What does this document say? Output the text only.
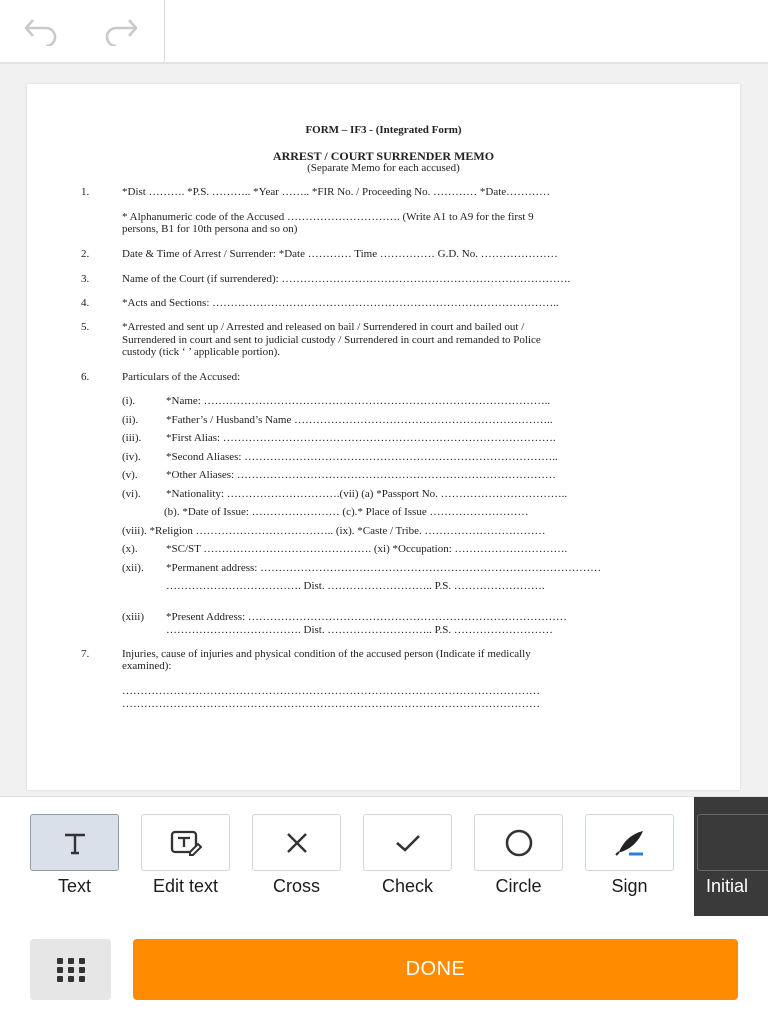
FORM – IF3 - (Integrated Form)
ARREST / COURT SURRENDER MEMO
(Separate Memo for each accused)
1.	*Dist ………. *P.S. ……….. *Year …….. *FIR No. / Proceeding No. ………… *Date…………
* Alphanumeric code of the Accused …………………………. (Write A1 to A9 for the first 9
persons, B1 for 10th persona and so on)
2.	Date & Time of Arrest / Surrender: *Date ………… Time …………… G.D. No. …………………
3.	Name of the Court (if surrendered): …………………………………………………………………….
4.	*Acts and Sections: …………………………………………………………………………………..
5.	*Arrested and sent up / Arrested and released on bail / Surrendered in court and bailed out /
Surrendered in court and sent to judicial custody / Surrendered in court and remanded to Police
custody (tick ‘ ’ applicable portion).
6.	Particulars of the Accused:
(i).	*Name: …………………………………………………………………………………..
(ii).	*Father’s / Husband’s Name ……………………………………………………………..
(iii). *First Alias: ……………………………………………………………………………….
(iv). *Second Aliases: …………………………………………………………………………..
(v).	*Other Aliases: ……………………………………………………………………………
(vi). *Nationality: ………………………….(vii) (a) *Passport No. ……………………………..
(b). *Date of Issue: …………………… (c).* Place of Issue ………………………
(viii). *Religion ……………………………….. (ix). *Caste / Tribe. ……………………………
(x).	*SC/ST ………………………………………. (xi) *Occupation: ………………………….
(xii). *Permanent address: …………………………………………………………………………………
………………………………. Dist. ……………………….. P.S. …………………….
(xiii) *Present Address: ……………………………………………………………………………
………………………………. Dist. ……………………….. P.S. ………………………
7.	Injuries, cause of injuries and physical condition of the accused person (Indicate if medically
examined):
……………………………………………………………………………………………………
……………………………………………………………………………………………………
Text	Edit text	Cross	Check	Circle	Sign	Initial
DONE
